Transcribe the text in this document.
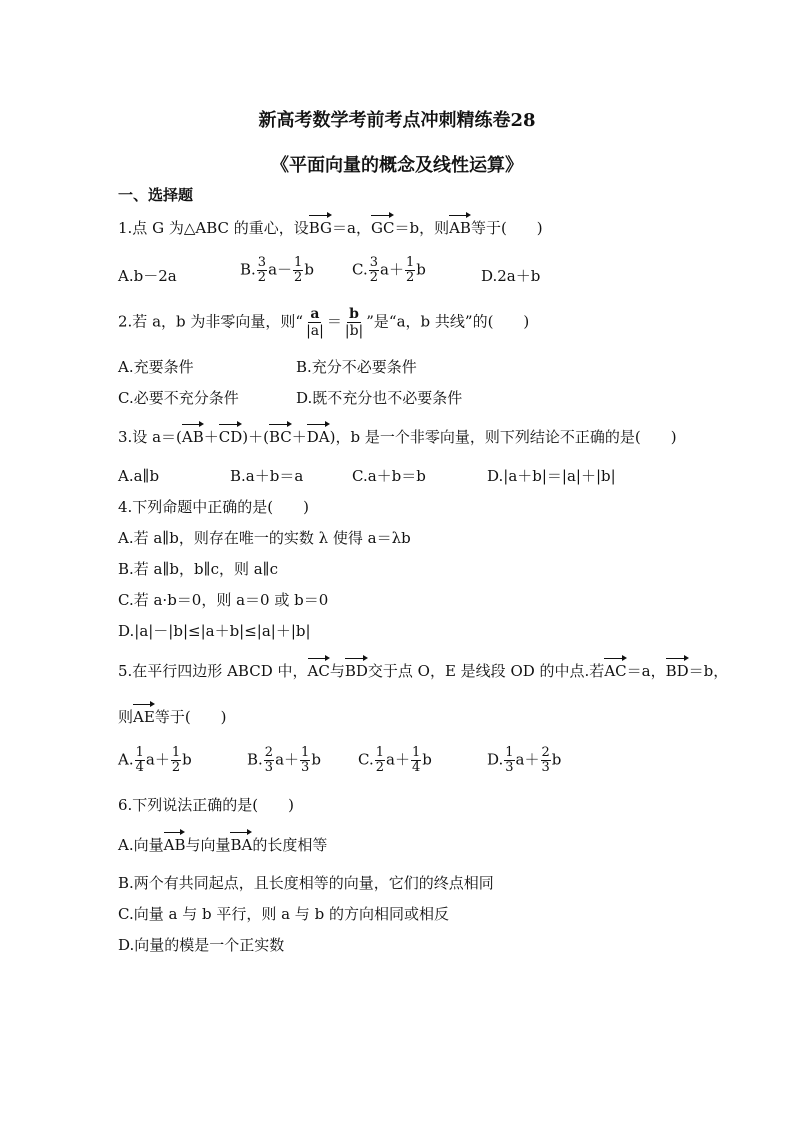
新高考数学考前考点冲刺精练卷28
《平面向量的概念及线性运算》
一、选择题
1.点 G 为△ABC 的重心，设BG＝a，GC＝b，则AB等于(　　)
A.b－2a	B. $\frac{3}{2} a- \frac{1}{2}$ b	C. $\frac{3}{2} a+ \frac{1}{2}$ b	D.2a＋b
2.若 a，b 为非零向量，则“ $\frac{a}{|a|} = \frac{b}{|b|}$ ”是“a，b 共线”的(　　)
A.充要条件	B.充分不必要条件
C.必要不充分条件	D.既不充分也不必要条件
3.设 a＝(AB＋CD)＋(BC＋DA)，b 是一个非零向量，则下列结论不正确的是(　　)
A.a∥b	B.a＋b＝a	C.a＋b＝b	D.|a＋b|＝|a|＋|b|
4.下列命题中正确的是(　　)
A.若 a∥b，则存在唯一的实数 λ 使得 a＝λb
B.若 a∥b，b∥c，则 a∥c
C.若 a·b＝0，则 a＝0 或 b＝0
D.|a|－|b|≤|a＋b|≤|a|＋|b|
5.在平行四边形 ABCD 中，AC与BD交于点 O，E 是线段 OD 的中点.若AC＝a，BD＝b，
则AE等于(　　)
A. $\frac{1}{4} a+ \frac{1}{2}$ b	B. $\frac{2}{3} a+ \frac{1}{3}$ b C. $\frac{1}{2} a+ \frac{1}{4}$ b	D. $\frac{1}{3} a+ \frac{2}{3}$ b
6.下列说法正确的是(　　)
A.向量AB与向量BA的长度相等
B.两个有共同起点，且长度相等的向量，它们的终点相同
C.向量 a 与 b 平行，则 a 与 b 的方向相同或相反
D.向量的模是一个正实数
